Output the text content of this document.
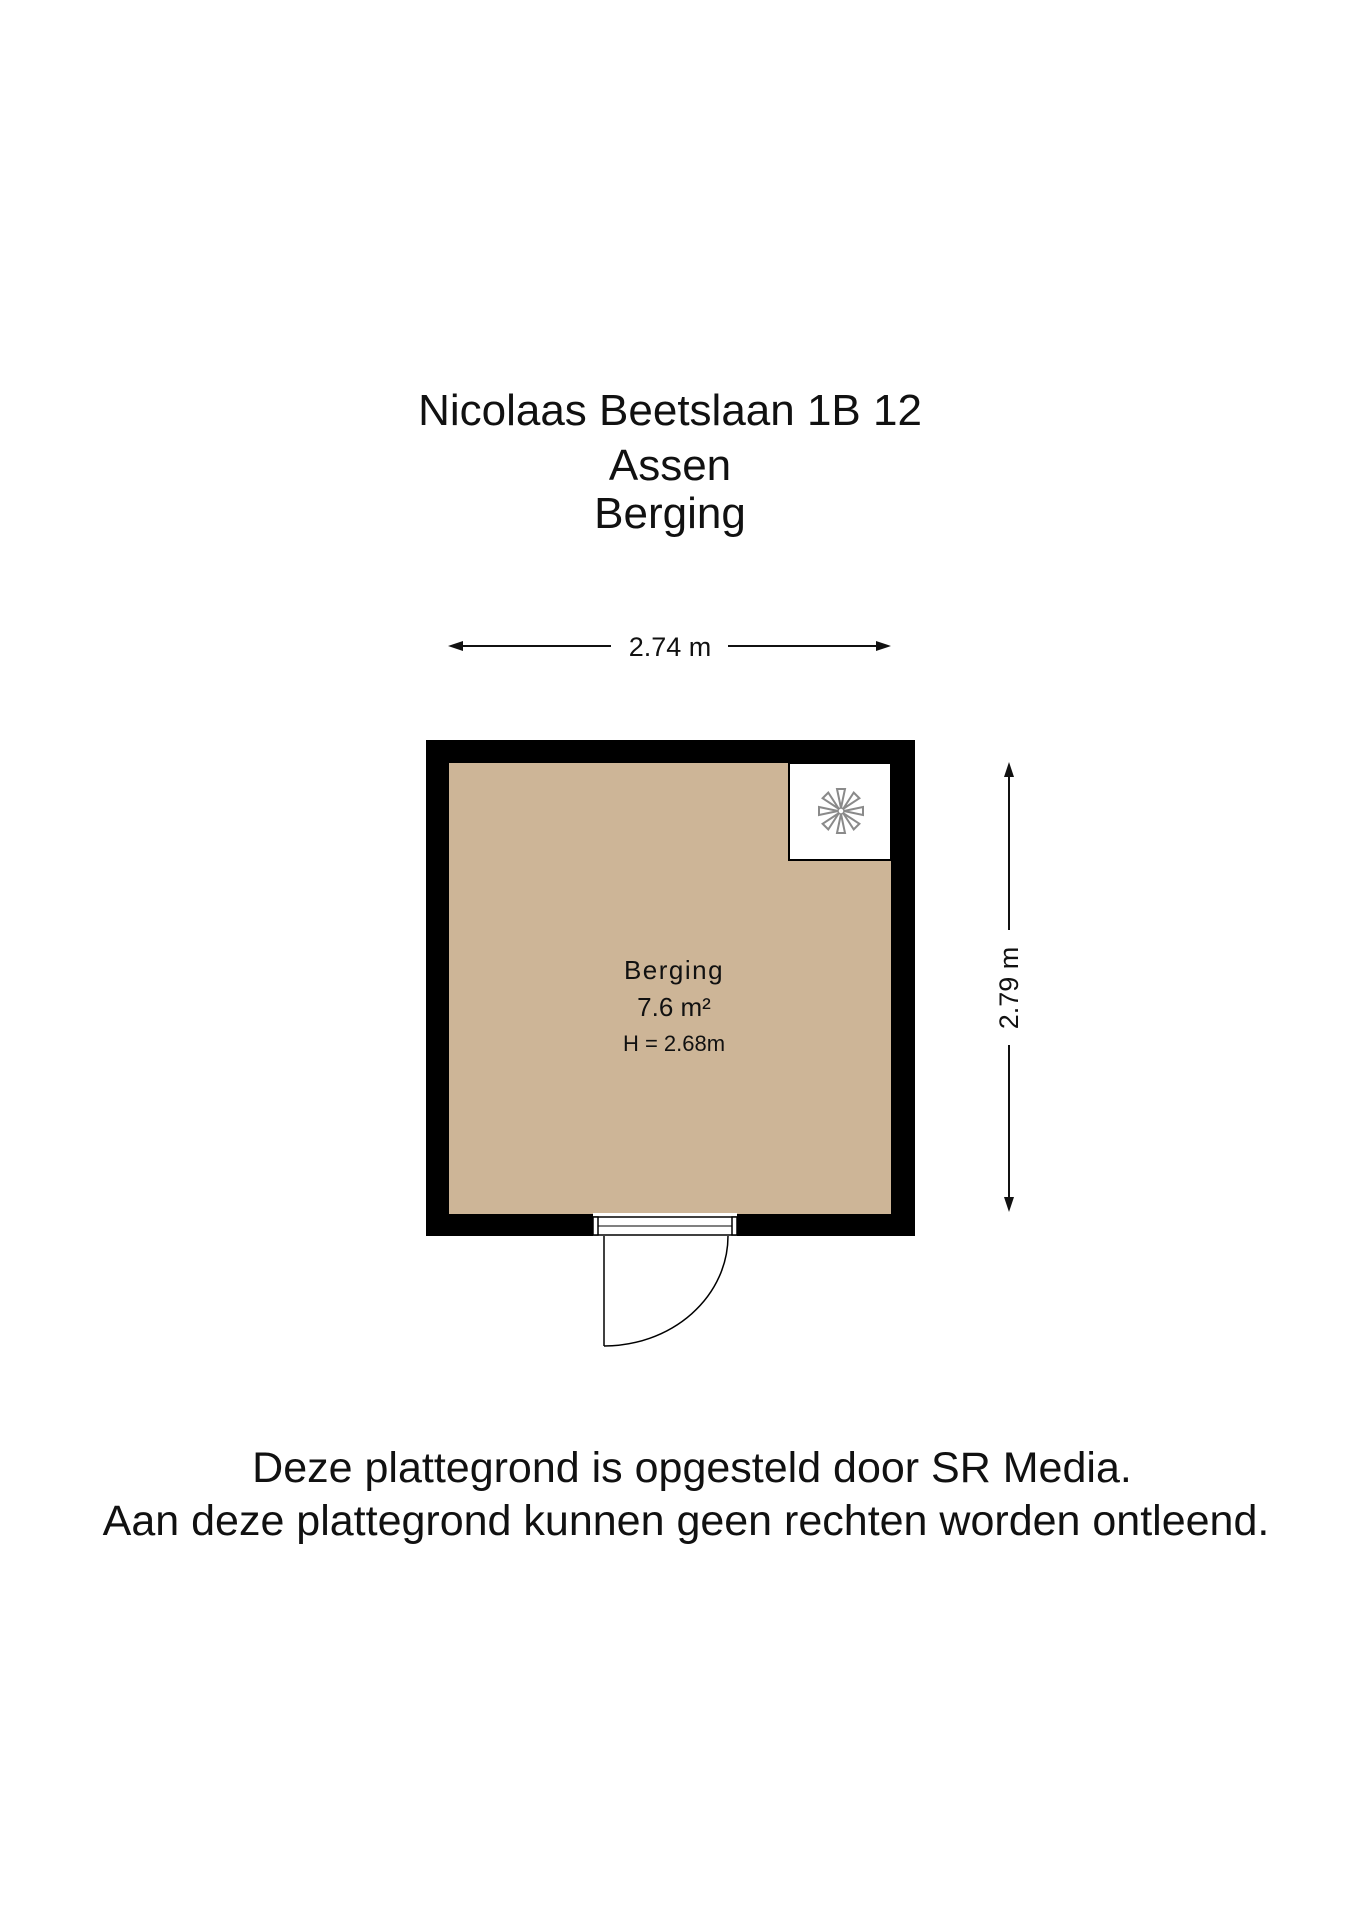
Nicolaas Beetslaan 1B 12
Assen
Berging
2.74 m
2.79 m
Berging
7.6 m²
H = 2.68m
Deze plattegrond is opgesteld door SR Media.
Aan deze plattegrond kunnen geen rechten worden ontleend.
